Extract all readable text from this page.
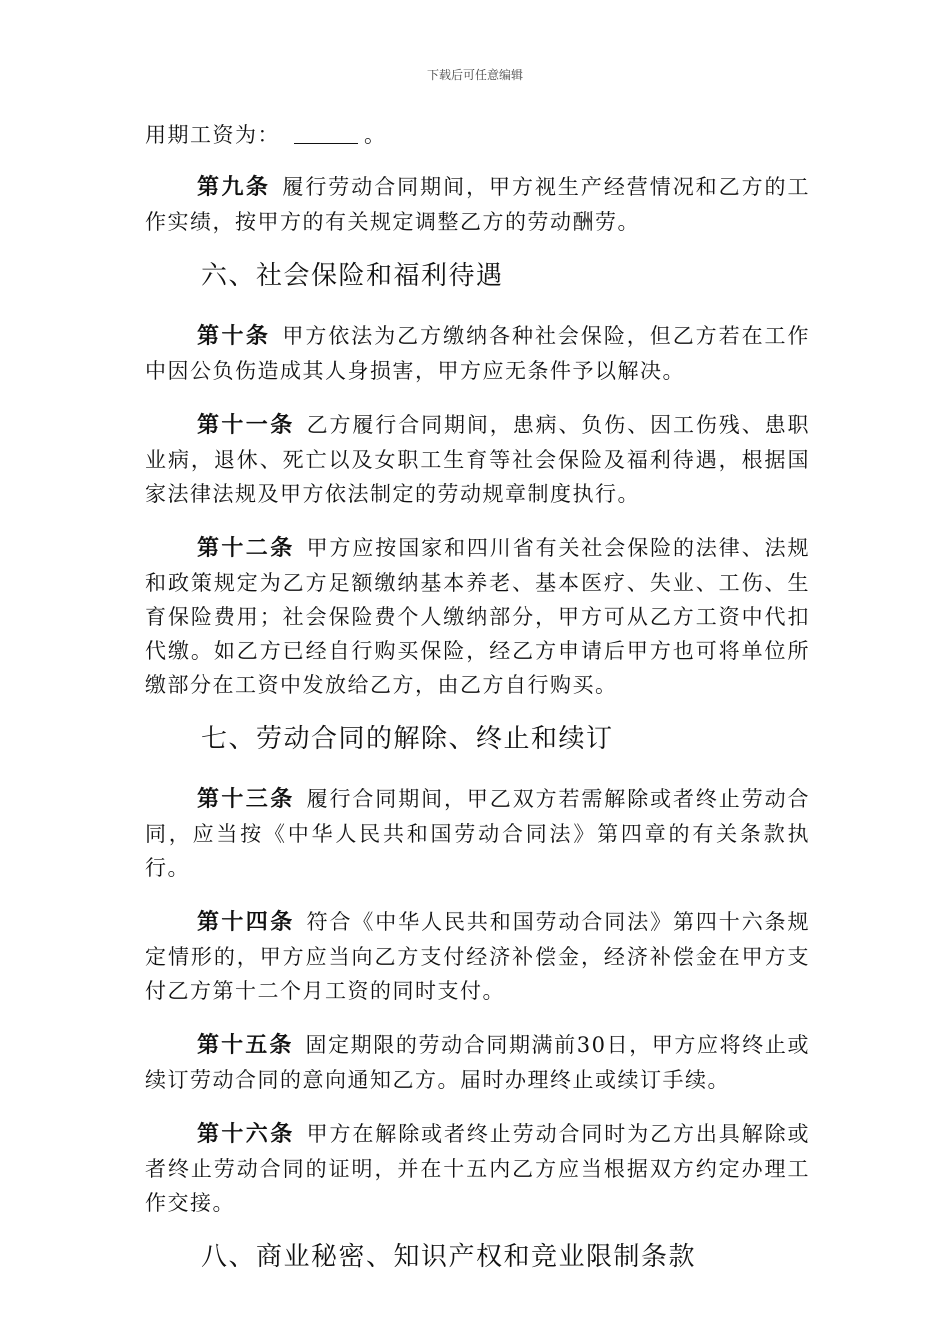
下载后可任意编辑

用期工资为：	。

第九条 履行劳动合同期间，甲方视生产经营情况和乙方的工作实绩，按甲方的有关规定调整乙方的劳动酬劳。

六、社会保险和福利待遇

第十条 甲方依法为乙方缴纳各种社会保险，但乙方若在工作中因公负伤造成其人身损害，甲方应无条件予以解决。

第十一条 乙方履行合同期间，患病、负伤、因工伤残、患职业病，退休、死亡以及女职工生育等社会保险及福利待遇，根据国家法律法规及甲方依法制定的劳动规章制度执行。

第十二条 甲方应按国家和四川省有关社会保险的法律、法规和政策规定为乙方足额缴纳基本养老、基本医疗、失业、工伤、生育保险费用；社会保险费个人缴纳部分，甲方可从乙方工资中代扣代缴。如乙方已经自行购买保险，经乙方申请后甲方也可将单位所缴部分在工资中发放给乙方，由乙方自行购买。

七、劳动合同的解除、终止和续订

第十三条 履行合同期间，甲乙双方若需解除或者终止劳动合同，应当按《中华人民共和国劳动合同法》第四章的有关条款执行。

第十四条 符合《中华人民共和国劳动合同法》第四十六条规定情形的，甲方应当向乙方支付经济补偿金，经济补偿金在甲方支付乙方第十二个月工资的同时支付。

第十五条 固定期限的劳动合同期满前30日，甲方应将终止或续订劳动合同的意向通知乙方。届时办理终止或续订手续。

第十六条 甲方在解除或者终止劳动合同时为乙方出具解除或者终止劳动合同的证明，并在十五内乙方应当根据双方约定办理工作交接。

八、商业秘密、知识产权和竞业限制条款
